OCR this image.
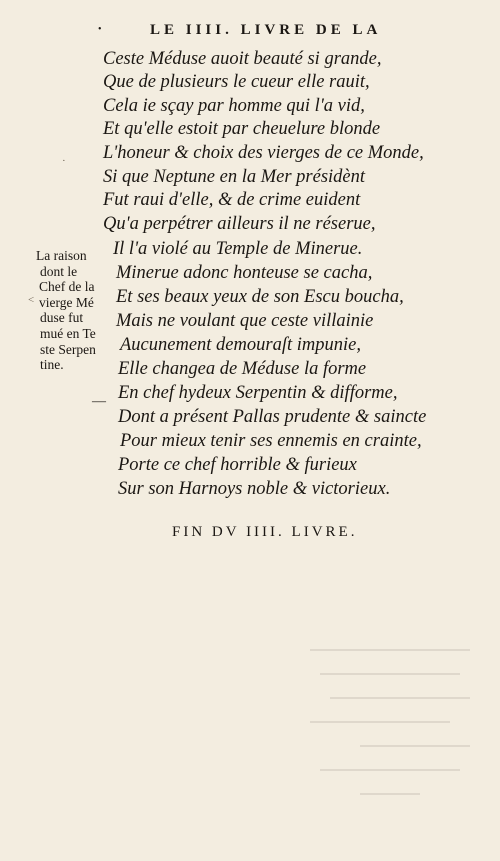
•	LE IIII. LIVRE DE LA
Ceste Méduse auoit beauté si grande,
Que de plusieurs le cueur elle rauit,
Cela ie sçay par homme qui l'a vid,
Et qu'elle estoit par cheuelure blonde
L'honeur & choix des vierges de ce Monde,
Si que Neptune en la Mer présidènt
Fut raui d'elle, & de crime euident
Qu'a perpétrer ailleurs il ne réserue,
Il l'a violé au Temple de Minerue.
Minerue adonc honteuse se cacha,
Et ses beaux yeux de son Escu boucha,
Mais ne voulant que ceste villainie
Aucunement demouraſt impunie,
Elle changea de Méduse la forme
En chef hydeux Serpentin & difforme,
Dont a présent Pallas prudente & saincte
Pour mieux tenir ses ennemis en crainte,
Porte ce chef horrible & furieux
Sur son Harnoys noble & victorieux.
La raison
dont le
Chef de la
vierge Mé
duse fut
mué en Te
ste Serpen
tine.
—
˂
·
FIN DV IIII. LIVRE.
